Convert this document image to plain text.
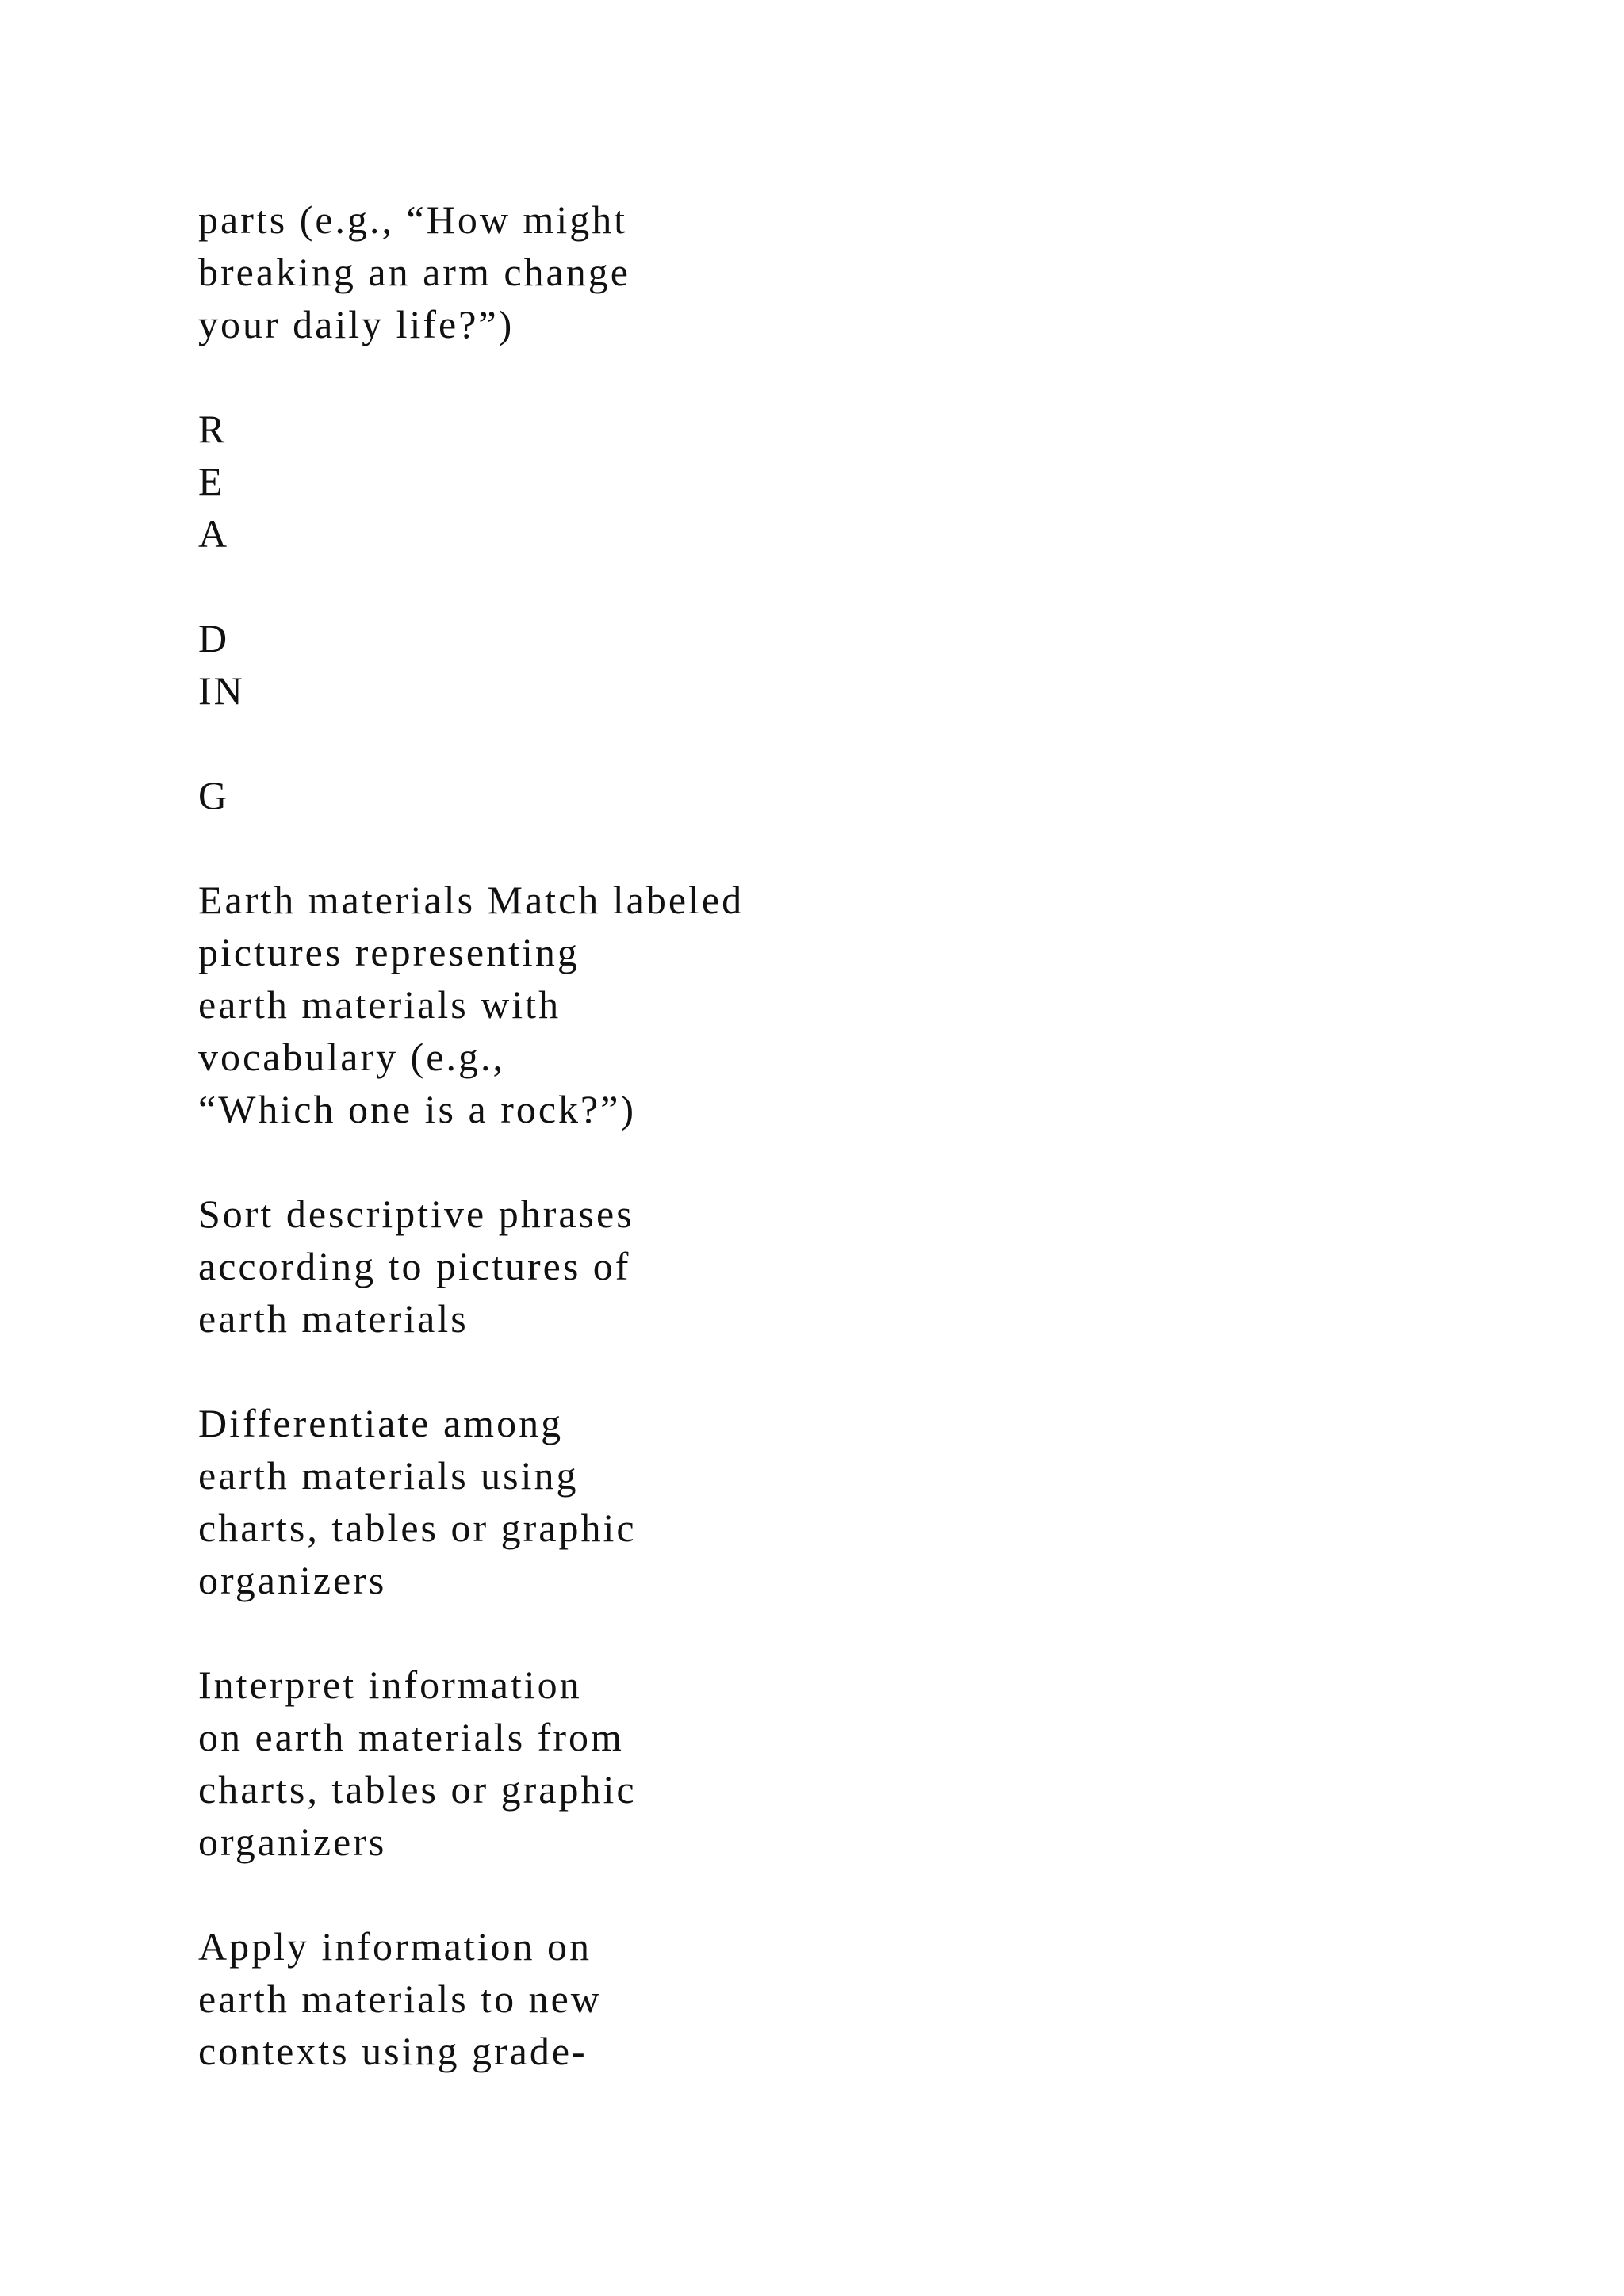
parts (e.g., “How might
breaking an arm change
your daily life?”)
R
E
A
D
IN
G
Earth materials Match labeled
pictures representing
earth materials with
vocabulary (e.g.,
“Which one is a rock?”)
Sort descriptive phrases
according to pictures of
earth materials
Differentiate among
earth materials using
charts, tables or graphic
organizers
Interpret information
on earth materials from
charts, tables or graphic
organizers
Apply information on
earth materials to new
contexts using grade-
